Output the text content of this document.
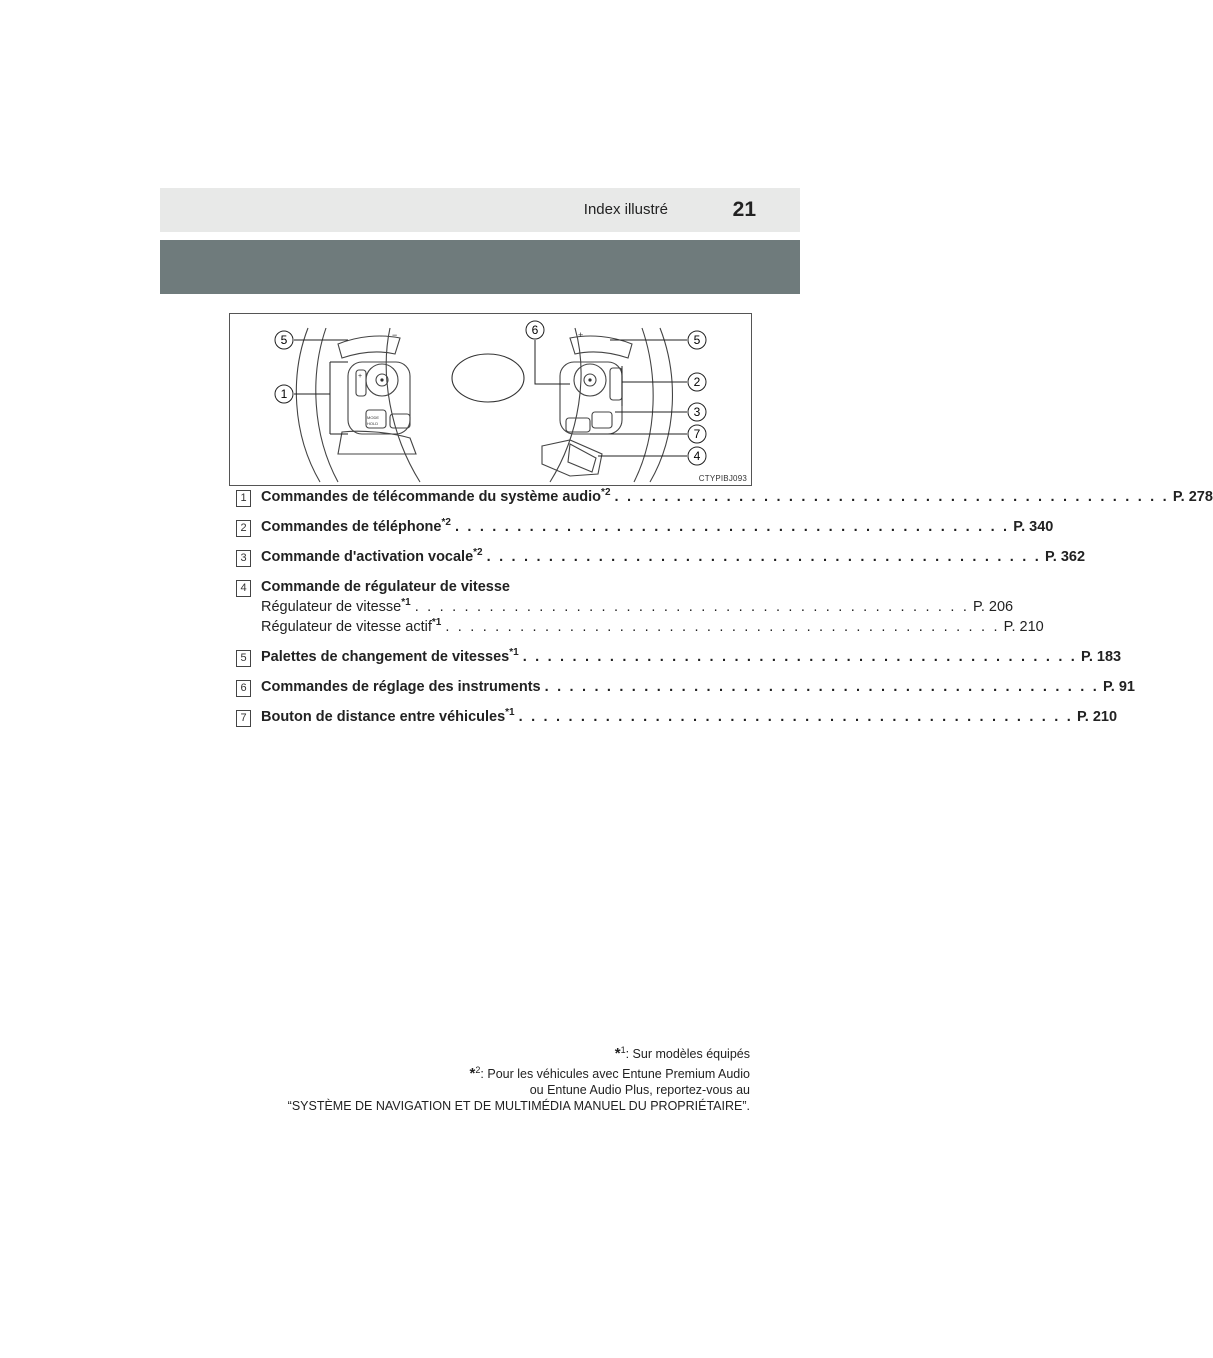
Index illustré	21
+
−	+
MODE
HOLD
5
6
5
1
2
3
7
4
CTYPIBJ093
1 Commandes de télécommande du système audio$^{*2}$ . . . . . . . . . . . . . . . . . . . . . . . . . . . . . . . . . . . . . . . . . . . . . P. 278
2 Commandes de téléphone$^{*2}$ . . . . . . . . . . . . . . . . . . . . . . . . . . . . . . . . . . . . . . . . . . . . . P. 340
3 Commande d'activation vocale$^{*2}$ . . . . . . . . . . . . . . . . . . . . . . . . . . . . . . . . . . . . . . . . . . . . . P. 362
4 Commande de régulateur de vitesse
Régulateur de vitesse$^{*1}$ . . . . . . . . . . . . . . . . . . . . . . . . . . . . . . . . . . . . . . . . . . . . . P. 206
Régulateur de vitesse actif$^{*1}$ . . . . . . . . . . . . . . . . . . . . . . . . . . . . . . . . . . . . . . . . . . . . . P. 210
5 Palettes de changement de vitesses$^{*1}$ . . . . . . . . . . . . . . . . . . . . . . . . . . . . . . . . . . . . . . . . . . . . . P. 183
6 Commandes de réglage des instruments . . . . . . . . . . . . . . . . . . . . . . . . . . . . . . . . . . . . . . . . . . . . . P. 91
7 Bouton de distance entre véhicules$^{*1}$ . . . . . . . . . . . . . . . . . . . . . . . . . . . . . . . . . . . . . . . . . . . . . P. 210
*$^1$: Sur modèles équipés
*$^2$: Pour les véhicules avec Entune Premium Audio
ou Entune Audio Plus, reportez-vous au
“SYSTÈME DE NAVIGATION ET DE MULTIMÉDIA MANUEL DU PROPRIÉTAIRE”.
